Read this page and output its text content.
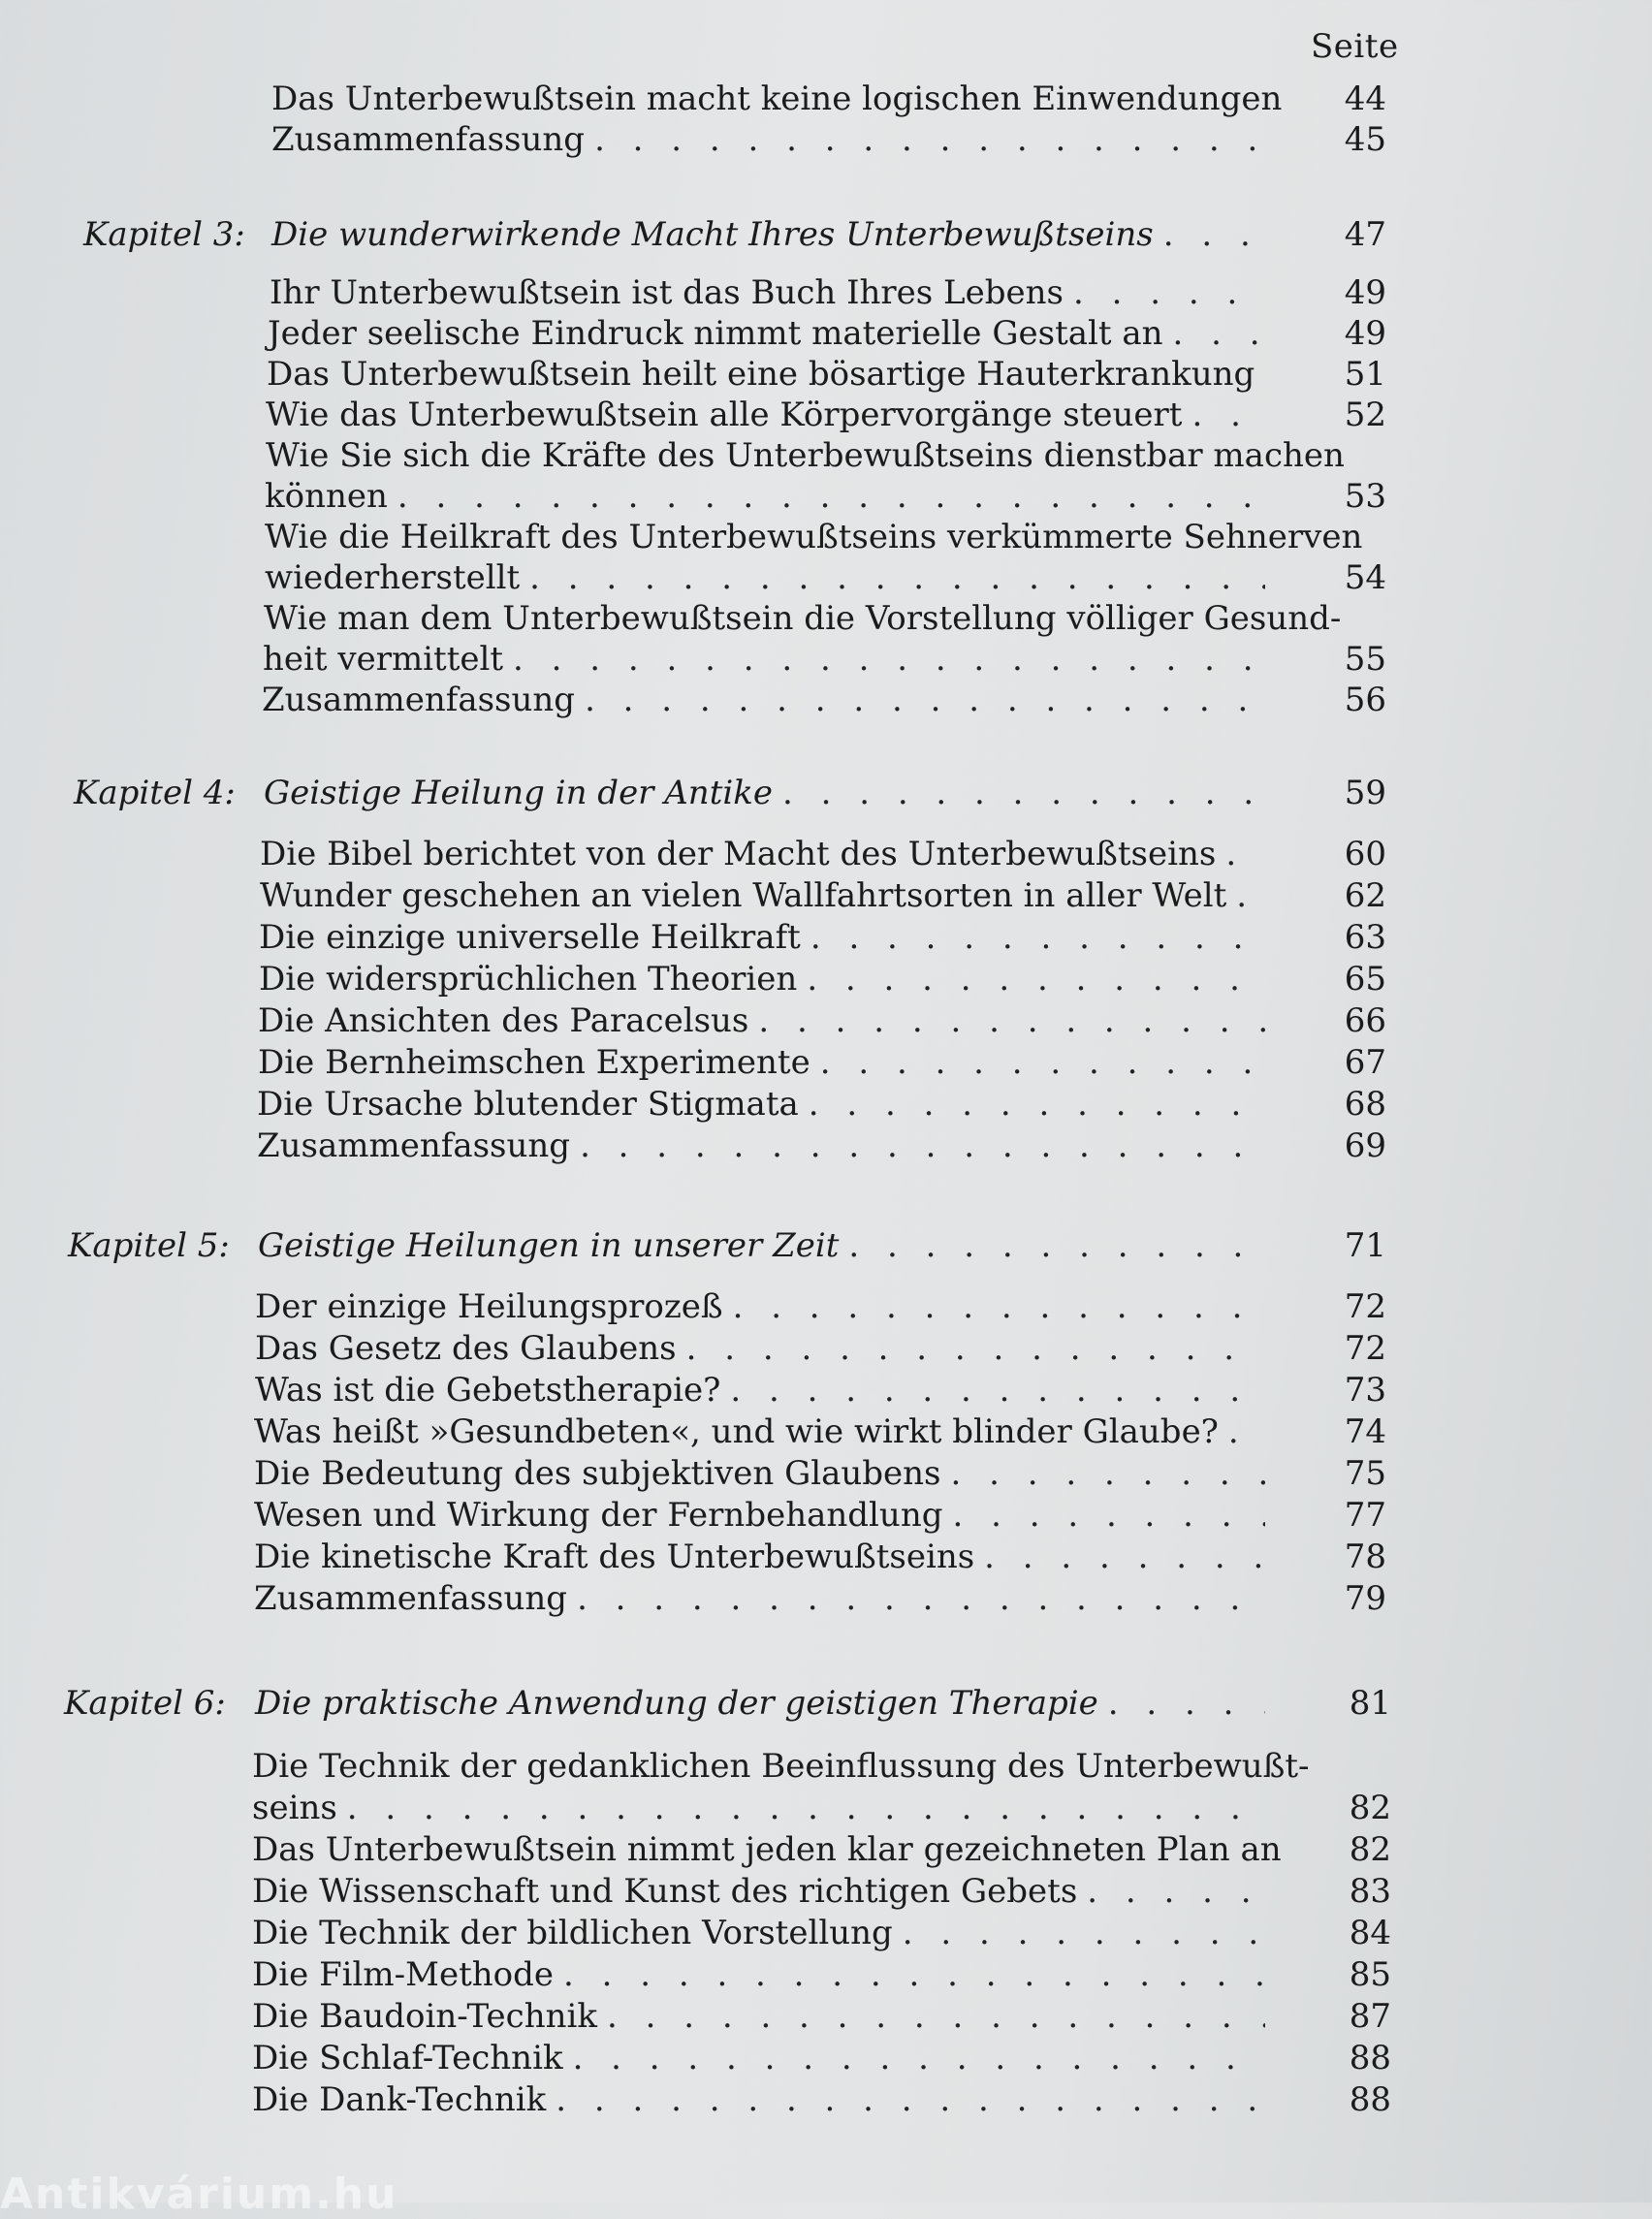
Seite
Das Unterbewußtsein macht keine logischen Einwendungen	44
Zusammenfassung . . .	45
Kapitel 3: Die wunderwirkende Macht Ihres Unterbewußtseins . . .	47
Ihr Unterbewußtsein ist das Buch Ihres Lebens . . .	49
Jeder seelische Eindruck nimmt materielle Gestalt an . . .	49
Das Unterbewußtsein heilt eine bösartige Hauterkrankung . . .	51
Wie das Unterbewußtsein alle Körpervorgänge steuert . . .	52
Wie Sie sich die Kräfte des Unterbewußtseins dienstbar machen
können . . .	53
Wie die Heilkraft des Unterbewußtseins verkümmerte Sehnerven
wiederherstellt . . .	54
Wie man dem Unterbewußtsein die Vorstellung völliger Gesund-
heit vermittelt . . .	55
Zusammenfassung . . .	56
Kapitel 4: Geistige Heilung in der Antike . . .	59
Die Bibel berichtet von der Macht des Unterbewußtseins . . .	60
Wunder geschehen an vielen Wallfahrtsorten in aller Welt . . .	62
Die einzige universelle Heilkraft . . .	63
Die widersprüchlichen Theorien . . .	65
Die Ansichten des Paracelsus . . .	66
Die Bernheimschen Experimente . . .	67
Die Ursache blutender Stigmata . . .	68
Zusammenfassung . . .	69
Kapitel 5: Geistige Heilungen in unserer Zeit . . .	71
Der einzige Heilungsprozeß . . .	72
Das Gesetz des Glaubens . . .	72
Was ist die Gebetstherapie? . . .	73
Was heißt »Gesundbeten«, und wie wirkt blinder Glaube? . . .	74
Die Bedeutung des subjektiven Glaubens . . .	75
Wesen und Wirkung der Fernbehandlung . . .	77
Die kinetische Kraft des Unterbewußtseins . . .	78
Zusammenfassung . . .	79
Kapitel 6: Die praktische Anwendung der geistigen Therapie . . .	81
Die Technik der gedanklichen Beeinflussung des Unterbewußt-
seins . . .	82
Das Unterbewußtsein nimmt jeden klar gezeichneten Plan an	82
Die Wissenschaft und Kunst des richtigen Gebets . . .	83
Die Technik der bildlichen Vorstellung . . .	84
Die Film-Methode . . .	85
Die Baudoin-Technik . . .	87
Die Schlaf-Technik . . .	88
Die Dank-Technik . . .	88
Antikvárium.hu
